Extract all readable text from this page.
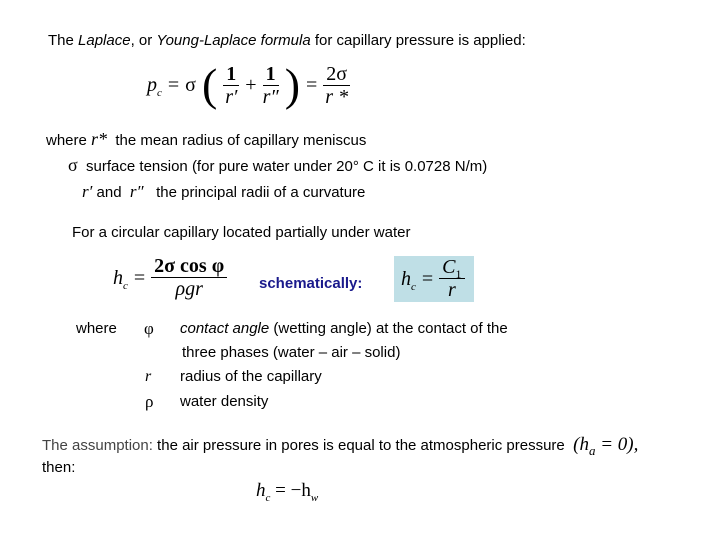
The Laplace, or Young-Laplace formula for capillary pressure is applied:
$p_c = \sigma$ ( $\frac{1}{r'} + \frac{1}{r''}$ ) = $\frac{2\sigma}{r *}$
where r* the mean radius of capillary meniscus
σ surface tension (for pure water under 20° C it is 0.0728 N/m)
r′ and r″ the principal radii of a curvature
For a circular capillary located partially under water
$h_c = \frac{\text{2σ cos φ}}{\text{ρgr}}$ schematically: $h_c = \frac{C_1}{r}$
where φ contact angle (wetting angle) at the contact of the
three phases (water – air – solid)
r radius of the capillary
ρ water density
The assumption: the air pressure in pores is equal to the atmospheric pressure $(h_a = 0)$,
then:
$h_c = -h_w$
